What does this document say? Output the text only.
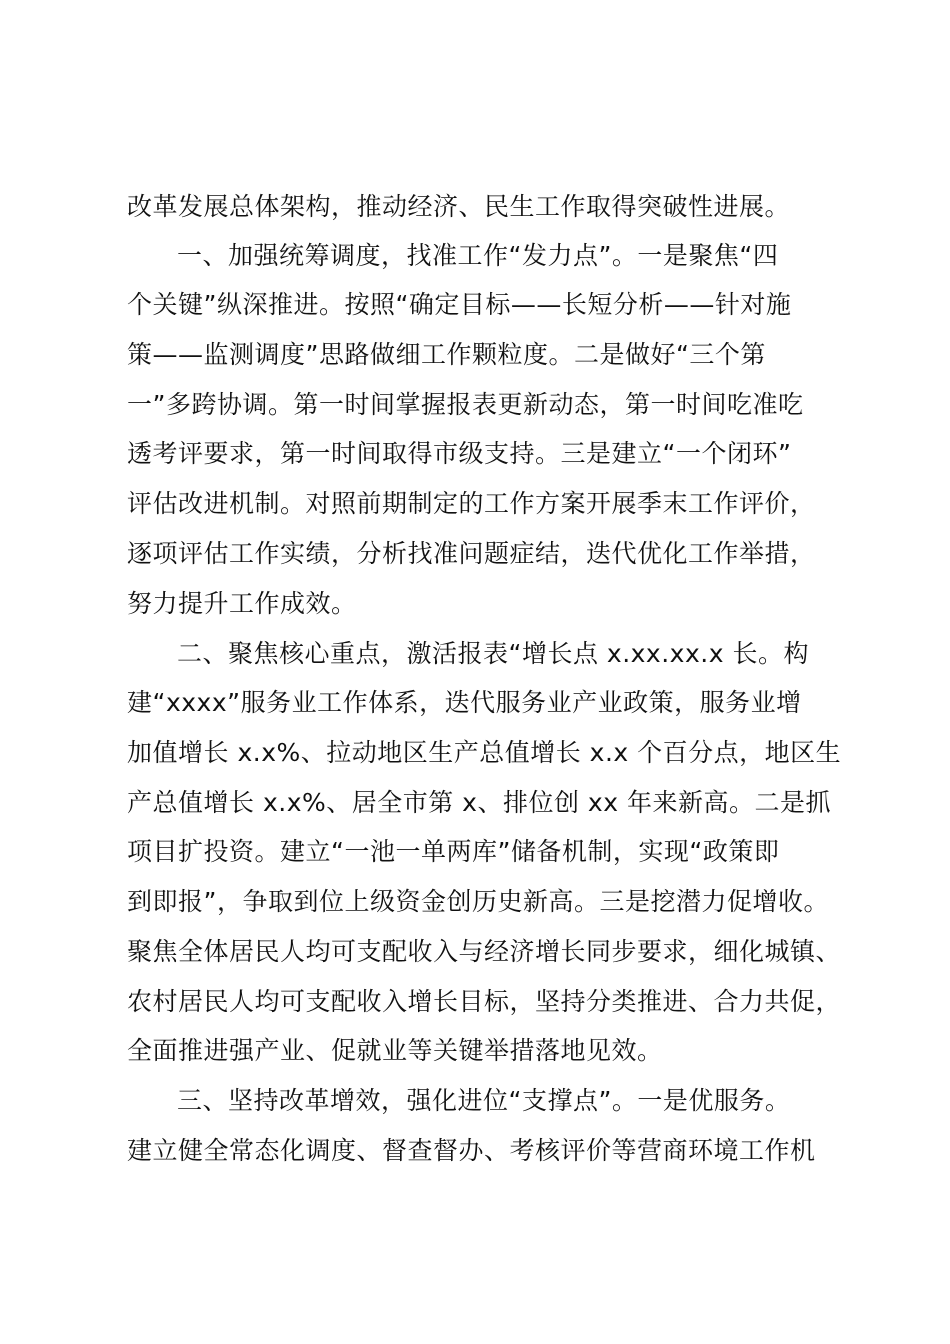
改革发展总体架构，推动经济、民生工作取得突破性进展。
一、加强统筹调度，找准工作“发力点”。一是聚焦“四
个关键”纵深推进。按照“确定目标——长短分析——针对施
策——监测调度”思路做细工作颗粒度。二是做好“三个第
一”多跨协调。第一时间掌握报表更新动态，第一时间吃准吃
透考评要求，第一时间取得市级支持。三是建立“一个闭环”
评估改进机制。对照前期制定的工作方案开展季末工作评价，
逐项评估工作实绩，分析找准问题症结，迭代优化工作举措，
努力提升工作成效。
二、聚焦核心重点，激活报表“增长点 x.xx.xx.x 长。构
建“xxxx”服务业工作体系，迭代服务业产业政策，服务业增
加值增长 x.x%、拉动地区生产总值增长 x.x 个百分点，地区生
产总值增长 x.x%、居全市第 x、排位创 xx 年来新高。二是抓
项目扩投资。建立“一池一单两库”储备机制，实现“政策即
到即报”，争取到位上级资金创历史新高。三是挖潜力促增收。
聚焦全体居民人均可支配收入与经济增长同步要求，细化城镇、
农村居民人均可支配收入增长目标，坚持分类推进、合力共促，
全面推进强产业、促就业等关键举措落地见效。
三、坚持改革增效，强化进位“支撑点”。一是优服务。
建立健全常态化调度、督查督办、考核评价等营商环境工作机
